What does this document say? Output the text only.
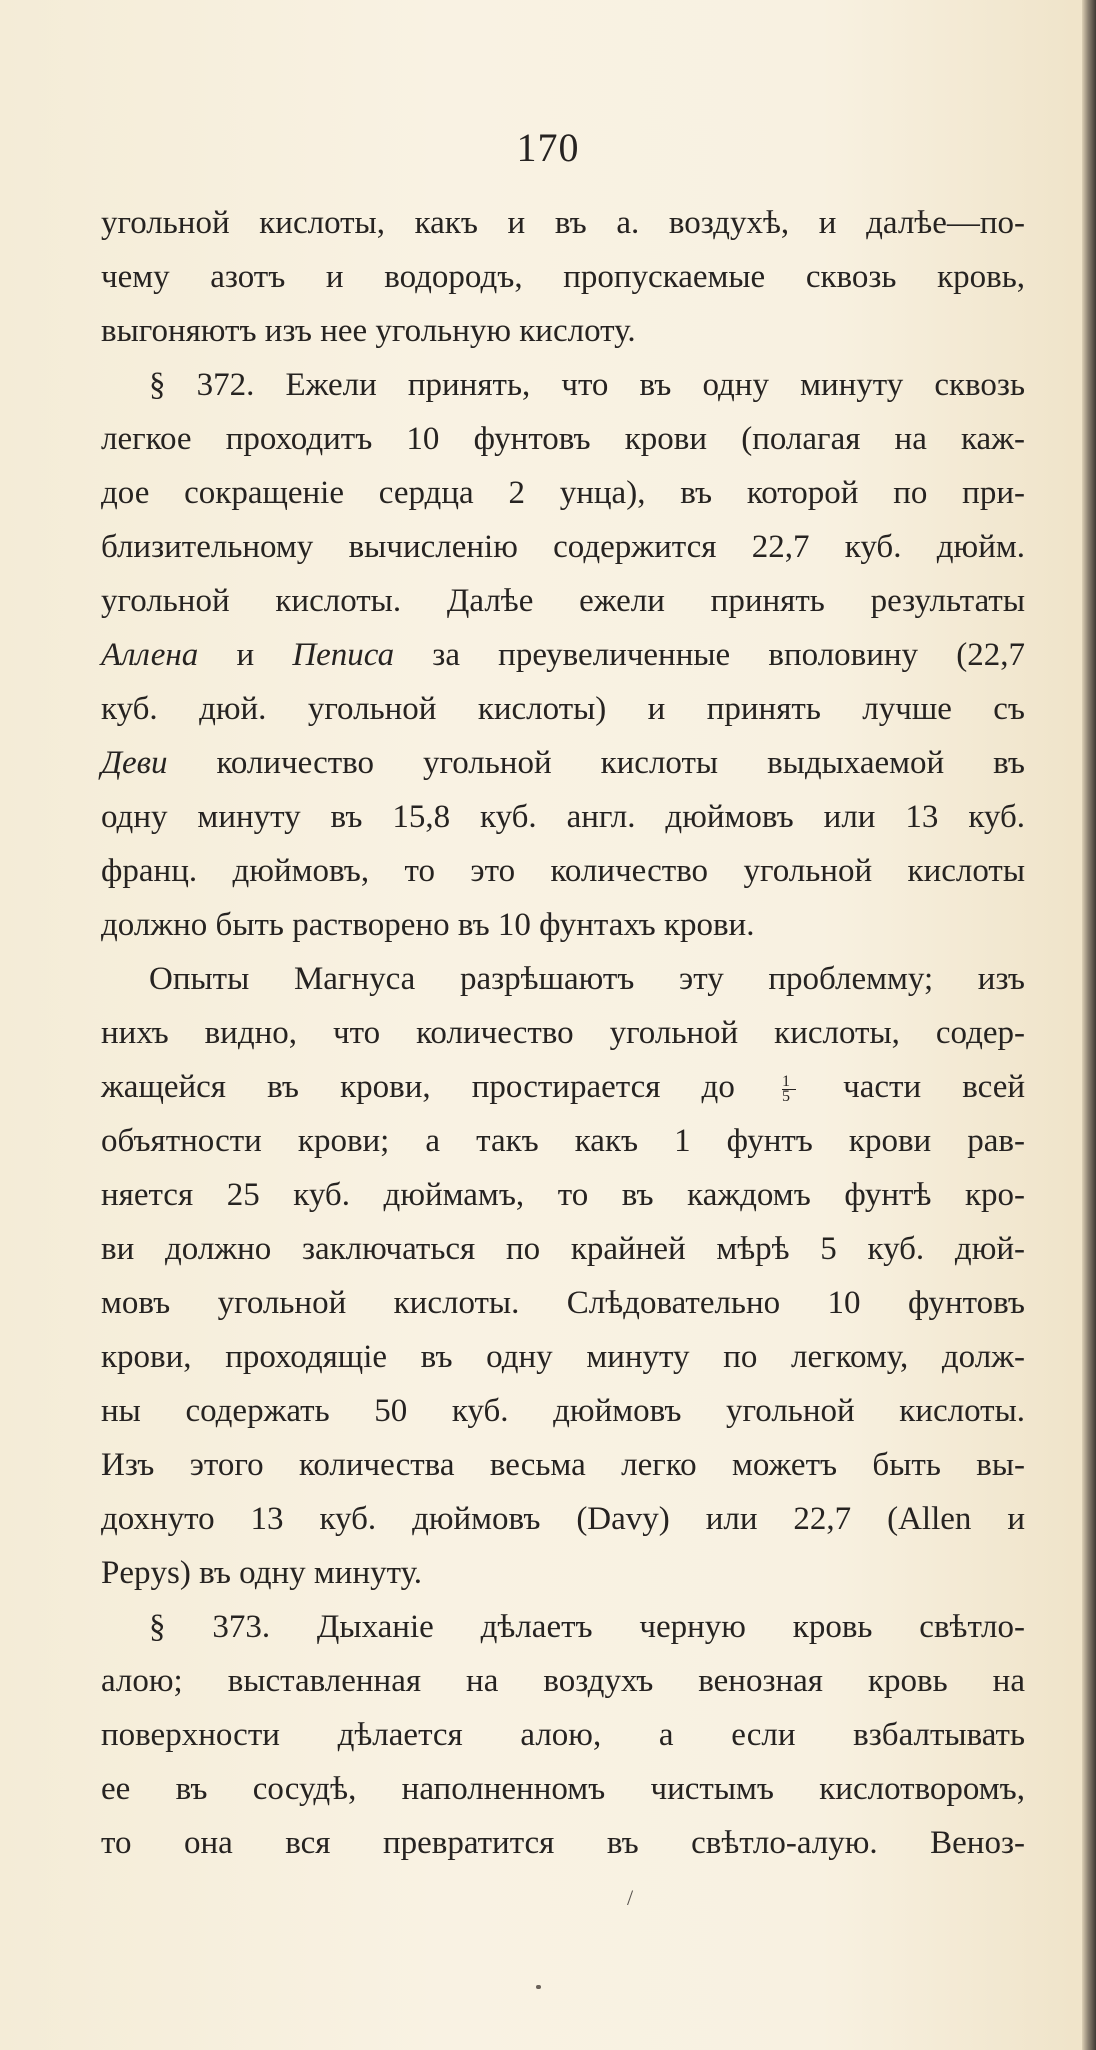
170
угольной кислоты, какъ и въ а. воздухѣ, и далѣе—по-
чему азотъ и водородъ, пропускаемые сквозь кровь,
выгоняютъ изъ нее угольную кислоту.
§ 372. Ежели принять, что въ одну минуту сквозь
легкое проходитъ 10 фунтовъ крови (полагая на каж-
дое сокращеніе сердца 2 унца), въ которой по при-
близительному вычисленію содержится 22,7 куб. дюйм.
угольной кислоты. Далѣе ежели принять результаты
Аллена и Пеписа за преувеличенные вполовину (22,7
куб. дюй. угольной кислоты) и принять лучше съ
Деви количество угольной кислоты выдыхаемой въ
одну минуту въ 15,8 куб. англ. дюймовъ или 13 куб.
франц. дюймовъ, то это количество угольной кислоты
должно быть растворено въ 10 фунтахъ крови.
Опыты Магнуса разрѣшаютъ эту проблемму; изъ
нихъ видно, что количество угольной кислоты, содер-
жащейся въ крови, простирается до	$\frac{1}{5}$ части всей
объятности крови; а такъ какъ 1 фунтъ крови рав-
няется 25 куб. дюймамъ, то въ каждомъ фунтѣ кро-
ви должно заключаться по крайней мѣрѣ 5 куб. дюй-
мовъ угольной кислоты. Слѣдовательно 10 фунтовъ
крови, проходящіе въ одну минуту по легкому, долж-
ны содержать 50 куб. дюймовъ угольной кислоты.
Изъ этого количества весьма легко можетъ быть вы-
дохнуто 13 куб. дюймовъ (Davy) или 22,7 (Allen и
Pepys) въ одну минуту.
§ 373. Дыханіе дѣлаетъ черную кровь свѣтло-
алою; выставленная на воздухъ венозная кровь на
поверхности дѣлается алою, а если взбалтывать
ее въ сосудѣ, наполненномъ чистымъ кислотворомъ,
то она вся превратится въ свѣтло-алую. Веноз-
/
